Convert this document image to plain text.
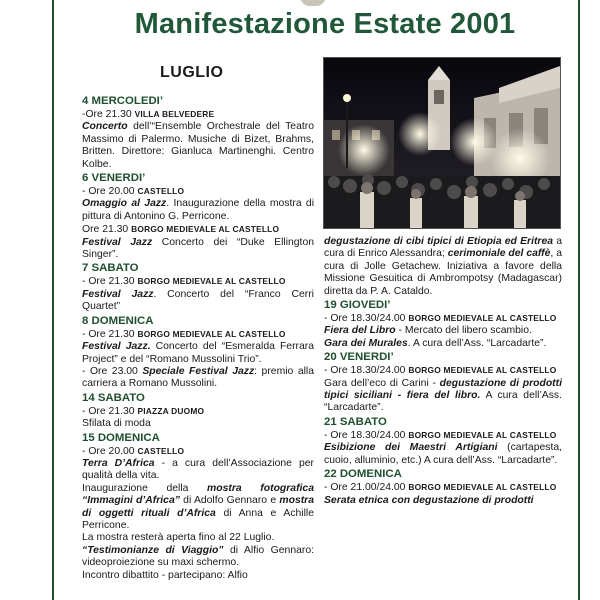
Manifestazione Estate 2001
LUGLIO
4 MERCOLEDI’

-Ore 21.30 VILLA BELVEDERE
Concerto dell’“Ensemble Orchestrale del Teatro Massimo di Palermo. Musiche di Bizet, Brahms, Britten. Direttore: Gianluca Martinenghi. Centro Kolbe.

6 VENERDI’

- Ore 20.00 CASTELLO
Omaggio al Jazz. Inaugurazione della mostra di pittura di Antonino G. Perricone.
Ore 21.30 BORGO MEDIEVALE AL CASTELLO
Festival Jazz Concerto dei “Duke Ellington Singer”.

7 SABATO

- Ore 21.30 BORGO MEDIEVALE AL CASTELLO
Festival Jazz. Concerto del “Franco Cerri Quartet”

8 DOMENICA

- Ore 21.30 BORGO MEDIEVALE AL CASTELLO
Festival Jazz. Concerto del “Esmeralda Ferrara Project” e del “Romano Mussolini Trio”.
- Ore 23.00 Speciale Festival Jazz: premio alla carriera a Romano Mussolini.

14 SABATO

- Ore 21.30 PIAZZA DUOMO
Sfilata di moda

15 DOMENICA

- Ore 20.00 CASTELLO
Terra D’Africa - a cura dell’Associazione per qualità della vita.
Inaugurazione della mostra fotografica “Immagini d’Africa” di Adolfo Gennaro e mostra di oggetti rituali d’Africa di Anna e Achille Perricone.
La mostra resterà aperta fino al 22 Luglio.
“Testimonianze di Viaggio” di Alfio Gennaro: videoproiezione su maxi schermo.
Incontro dibattito - partecipano: Alfio

degustazione di cibi tipici di Etiopia ed Eritrea a cura di Enrico Alessandra; cerimoniale del caffè, a cura di Jolle Getachew. Iniziativa a favore della Missione Gesuitica di Ambrompotsy (Madagascar) diretta da P. A. Cataldo.

19 GIOVEDI’

- Ore 18.30/24.00 BORGO MEDIEVALE AL CASTELLO
Fiera del Libro - Mercato del libero scambio.
Gara dei Murales. A cura dell’Ass. “Larcadarte”.

20 VENERDI’

- Ore 18.30/24.00 BORGO MEDIEVALE AL CASTELLO
Gara dell’eco di Carini - degustazione di prodotti tipici siciliani - fiera del libro. A cura dell’Ass. “Larcadarte”.

21 SABATO

- Ore 18.30/24.00 BORGO MEDIEVALE AL CASTELLO
Esibizione dei Maestri Artigiani (cartapesta, cuoio, alluminio, etc.) A cura dell’Ass. “Larcadarte”.

22 DOMENICA

- Ore 21.00/24.00 BORGO MEDIEVALE AL CASTELLO
Serata etnica con degustazione di prodotti
